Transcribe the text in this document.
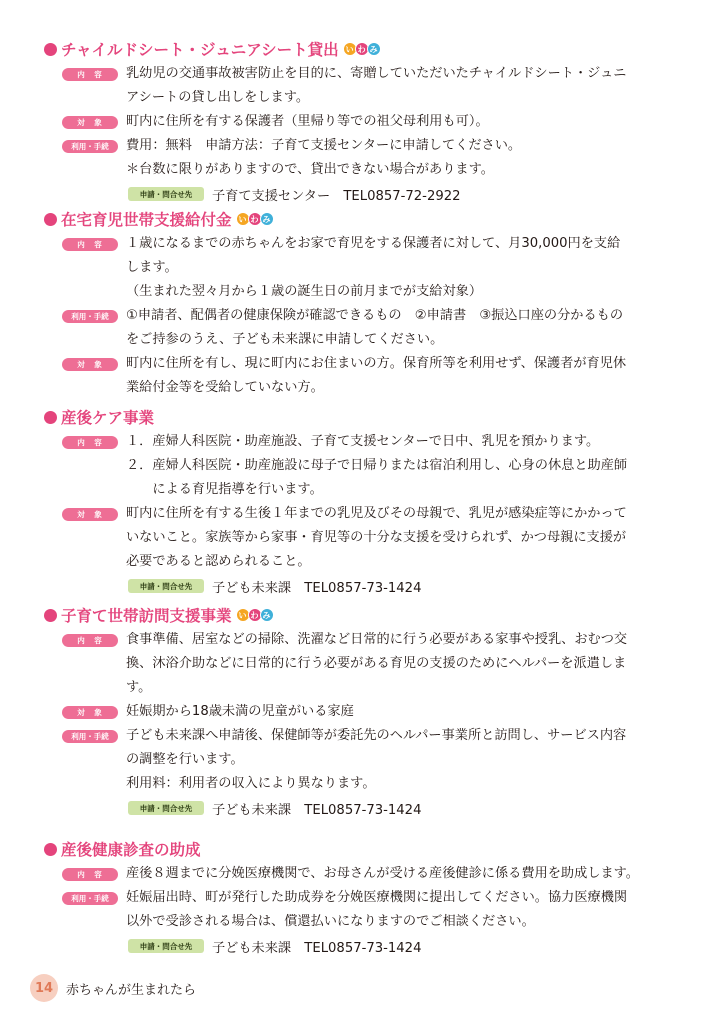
チャイルドシート・ジュニアシート貸出 い わ み
内　容	乳幼児の交通事故被害防止を目的に、寄贈していただいたチャイルドシート・ジュニ
アシートの貸し出しをします。
対　象	町内に住所を有する保護者（里帰り等での祖父母利用も可）。
利用・手続	費用：無料　申請方法：子育て支援センターに申請してください。
＊台数に限りがありますので、貸出できない場合があります。
申請・問合せ先	子育て支援センター　TEL0857-72-2922
在宅育児世帯支援給付金 い わ み
内　容	１歳になるまでの赤ちゃんをお家で育児をする保護者に対して、月30,000円を支給
します。
（生まれた翌々月から１歳の誕生日の前月までが支給対象）
利用・手続	①申請者、配偶者の健康保険が確認できるもの　②申請書　③振込口座の分かるもの
をご持参のうえ、子ども未来課に申請してください。
対　象	町内に住所を有し、現に町内にお住まいの方。保育所等を利用せず、保護者が育児休
業給付金等を受給していない方。
産後ケア事業
内　容	１．産婦人科医院・助産施設、子育て支援センターで日中、乳児を預かります。
２．産婦人科医院・助産施設に母子で日帰りまたは宿泊利用し、心身の休息と助産師
　　による育児指導を行います。
対　象	町内に住所を有する生後１年までの乳児及びその母親で、乳児が感染症等にかかって
いないこと。家族等から家事・育児等の十分な支援を受けられず、かつ母親に支援が
必要であると認められること。
申請・問合せ先	子ども未来課　TEL0857-73-1424
子育て世帯訪問支援事業 い わ み
内　容	食事準備、居室などの掃除、洗濯など日常的に行う必要がある家事や授乳、おむつ交
換、沐浴介助などに日常的に行う必要がある育児の支援のためにヘルパーを派遣しま
す。
対　象	妊娠期から18歳未満の児童がいる家庭
利用・手続	子ども未来課へ申請後、保健師等が委託先のヘルパー事業所と訪問し、サービス内容
の調整を行います。
利用料：利用者の収入により異なります。
申請・問合せ先	子ども未来課　TEL0857-73-1424
産後健康診査の助成
内　容	産後８週までに分娩医療機関で、お母さんが受ける産後健診に係る費用を助成します。
利用・手続	妊娠届出時、町が発行した助成券を分娩医療機関に提出してください。協力医療機関
以外で受診される場合は、償還払いになりますのでご相談ください。
申請・問合せ先	子ども未来課　TEL0857-73-1424
14 赤ちゃんが生まれたら
